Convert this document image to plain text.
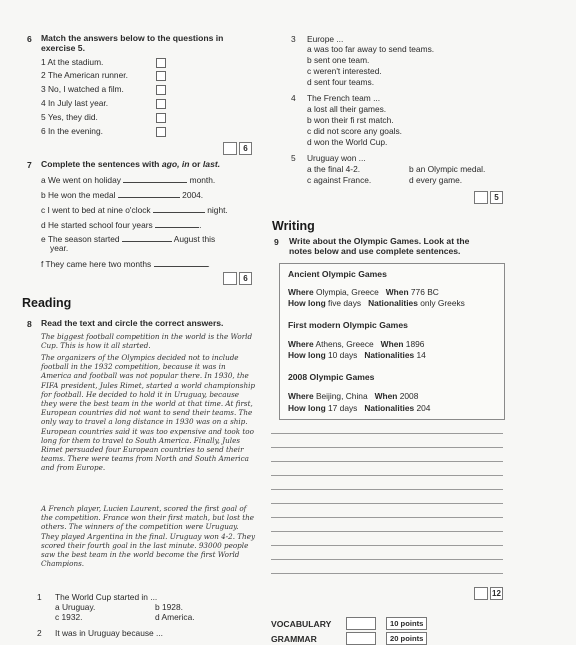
6 Match the answers below to the questions in
exercise 5.
1 At the stadium.
2 The American runner.
3 No, I watched a film.
4 In July last year.
5 Yes, they did.
6 In the evening.
6
7 Complete the sentences with ago, in or last.
a We went on holiday	month.
b He won the medal	2004.
c I went to bed at nine o'clock	night.
d He started school four years	.
e The season started	August this
year.
f They came here two months	.
6
Reading
8 Read the text and circle the correct answers.
The biggest football competition in the world is the World Cup. This is how it all started.
The organizers of the Olympics decided not to include football in the 1932 competition, because it was in America and football was not popular there. In 1930, the FIFA president, Jules Rimet, started a world championship for football. He decided to hold it in Uruguay, because they were the best team in the world at that time. At first, European countries did not want to send their teams. The only way to travel a long distance in 1930 was on a ship. European countries said it was too expensive and took too long for them to travel to South America. Finally, Jules Rimet persuaded four European countries to send their teams. There were teams from North and South America and from Europe.
A French player, Lucien Laurent, scored the first goal of the competition. France won their first match, but lost the others. The winners of the competition were Uruguay. They played Argentina in the final. Uruguay won 4-2. They scored their fourth goal in the last minute. 93000 people saw the best team in the world become the first World Champions.
1 The World Cup started in ...
a Uruguay.	b 1928.
c 1932.	d America.
2 It was in Uruguay because ...
3 Europe ...
a was too far away to send teams.
b sent one team.
c weren't interested.
d sent four teams.
4 The French team ...
a lost all their games.
b won their fi rst match.
c did not score any goals.
d won the World Cup.
5 Uruguay won ...
a the final 4-2.	b an Olympic medal.
c against France.	d every game.
5
Writing
9 Write about the Olympic Games. Look at the
notes below and use complete sentences.
Ancient Olympic Games
Where Olympia, Greece When 776 BC
How long five days Nationalities only Greeks
First modern Olympic Games
Where Athens, Greece When 1896
How long 10 days Nationalities 14
2008 Olympic Games
Where Beijing, China When 2008
How long 17 days Nationalities 204
12
VOCABULARY	10 points
GRAMMAR	20 points
